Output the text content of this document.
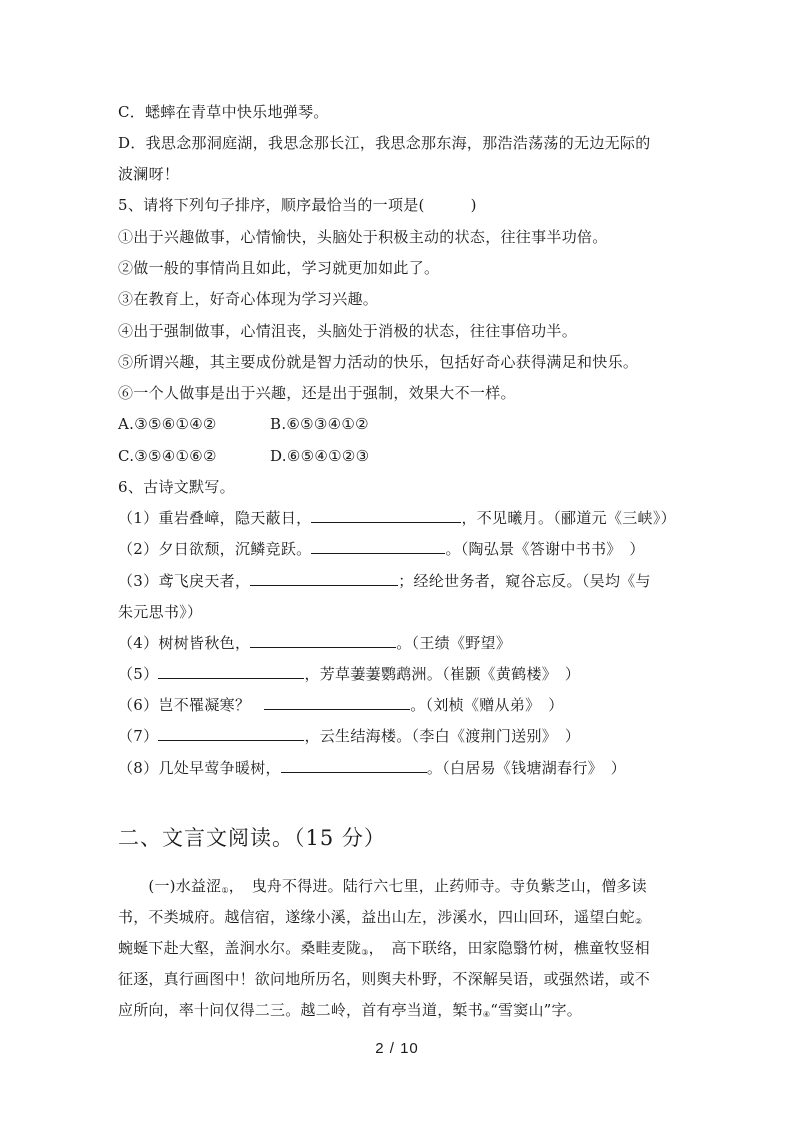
C．蟋蟀在青草中快乐地弹琴。
D．我思念那洞庭湖，我思念那长江，我思念那东海，那浩浩荡荡的无边无际的
波澜呀！
5、请将下列句子排序，顺序最恰当的一项是(　　　)
①出于兴趣做事，心情愉快，头脑处于积极主动的状态，往往事半功倍。
②做一般的事情尚且如此，学习就更加如此了。
③在教育上，好奇心体现为学习兴趣。
④出于强制做事，心情沮丧，头脑处于消极的状态，往往事倍功半。
⑤所谓兴趣，其主要成份就是智力活动的快乐，包括好奇心获得满足和快乐。
⑥一个人做事是出于兴趣，还是出于强制，效果大不一样。
A.③⑤⑥①④②	B.⑥⑤③④①②
C.③⑤④①⑥②	D.⑥⑤④①②③
6、古诗文默写。
（1）重岩叠嶂，隐天蔽日，	，不见曦月。（郦道元《三峡》）
（2）夕日欲颓，沉鳞竞跃。	。（陶弘景《答谢中书书》　）
（3）鸢飞戾天者，	；经纶世务者，窥谷忘反。（吴均《与
朱元思书》）
（4）树树皆秋色，	。（王绩《野望》
（5）	，芳草萋萋鹦鹉洲。（崔颢《黄鹤楼》　）
（6）岂不罹凝寒？	。（刘桢《赠从弟》　）
（7）	，云生结海楼。（李白《渡荆门送别》　）
（8）几处早莺争暖树，	。（白居易《钱塘湖春行》　）
二、文言文阅读。（15 分）
　　(一)水益涩①，　曳舟不得进。陆行六七里，止药师寺。寺负紫芝山，僧多读
书，不类城府。越信宿，遂缘小溪，益出山左，涉溪水，四山回环，遥望白蛇②
蜿蜒下赴大壑，盖涧水尔。桑畦麦陇③，　高下联络，田家隐翳竹树，樵童牧竖相
征逐，真行画图中！欲问地所历名，则舆夫朴野，不深解吴语，或强然诺，或不
应所向，率十问仅得二三。越二岭，首有亭当道，椠书④“雪窦山”字。
2 / 10
